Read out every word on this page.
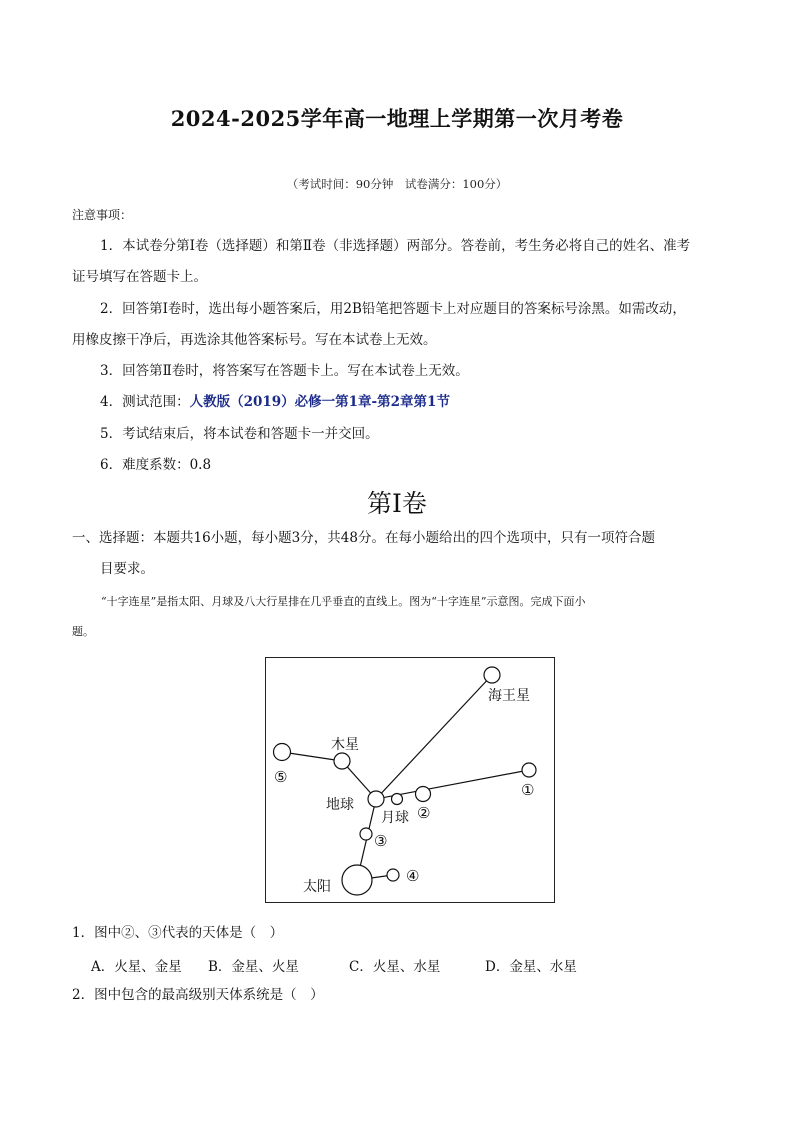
2024-2025学年高一地理上学期第一次月考卷
（考试时间：90分钟　试卷满分：100分）
注意事项：
1．本试卷分第Ⅰ卷（选择题）和第Ⅱ卷（非选择题）两部分。答卷前，考生务必将自己的姓名、准考
证号填写在答题卡上。
2．回答第Ⅰ卷时，选出每小题答案后，用2B铅笔把答题卡上对应题目的答案标号涂黑。如需改动，
用橡皮擦干净后，再选涂其他答案标号。写在本试卷上无效。
3．回答第Ⅱ卷时，将答案写在答题卡上。写在本试卷上无效。
4．测试范围：人教版（2019）必修一第1章-第2章第1节
5．考试结束后，将本试卷和答题卡一并交回。
6．难度系数：0.8
第Ⅰ卷
一、选择题：本题共16小题，每小题3分，共48分。在每小题给出的四个选项中，只有一项符合题
目要求。
“十字连星”是指太阳、月球及八大行星排在几乎垂直的直线上。图为“十字连星”示意图。完成下面小
题。
海王星
木星
地球
月球
太阳
①
②
③
④
⑤
1．图中②、③代表的天体是（　）
A．火星、金星 B．金星、火星	C．火星、水星	D．金星、水星
2．图中包含的最高级别天体系统是（　）
